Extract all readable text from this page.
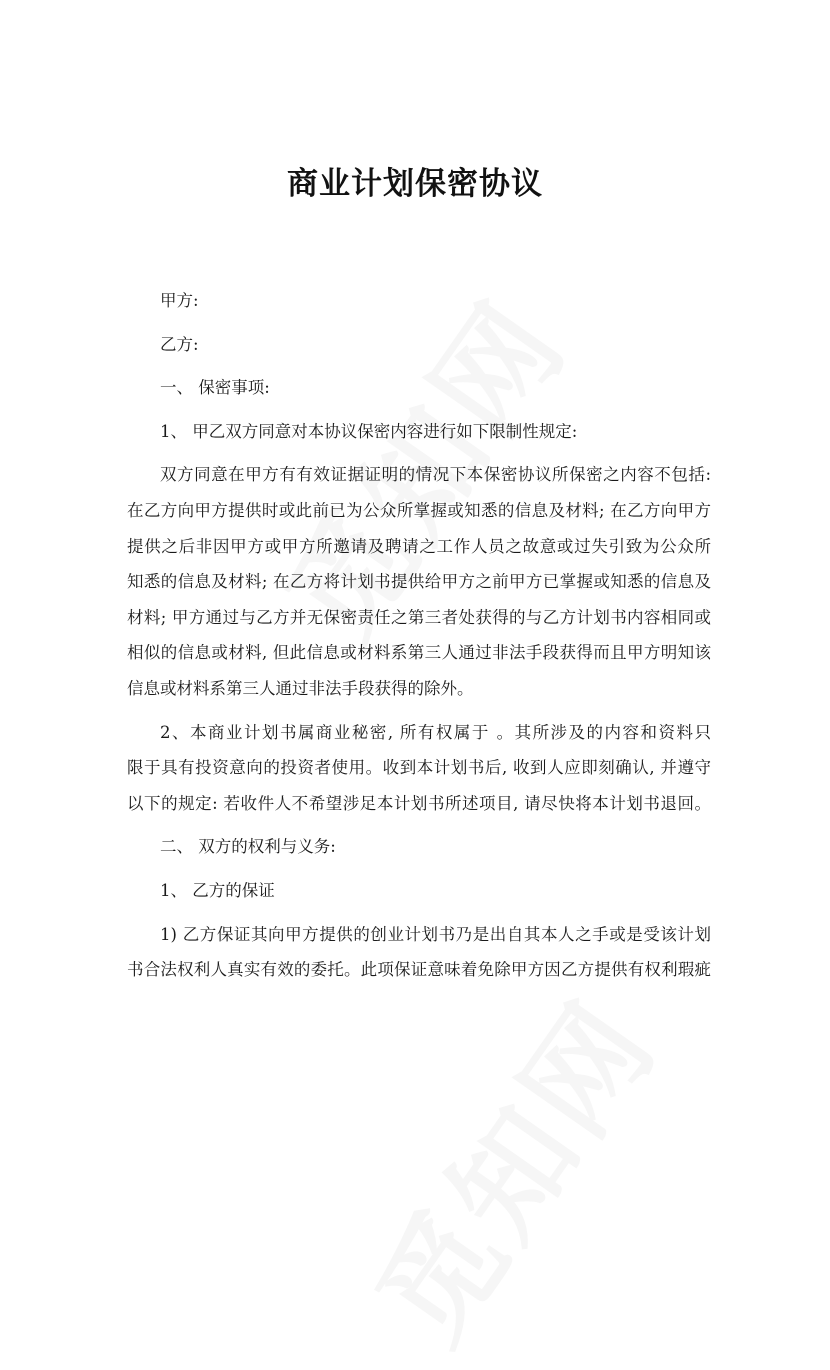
商业计划保密协议

甲方:

乙方:

一、 保密事项:

1、 甲乙双方同意对本协议保密内容进行如下限制性规定:

双方同意在甲方有有效证据证明的情况下本保密协议所保密之内容不包括:

在乙方向甲方提供时或此前已为公众所掌握或知悉的信息及材料; 在乙方向甲方

提供之后非因甲方或甲方所邀请及聘请之工作人员之故意或过失引致为公众所

知悉的信息及材料; 在乙方将计划书提供给甲方之前甲方已掌握或知悉的信息及

材料; 甲方通过与乙方并无保密责任之第三者处获得的与乙方计划书内容相同或

相似的信息或材料, 但此信息或材料系第三人通过非法手段获得而且甲方明知该

信息或材料系第三人通过非法手段获得的除外。

2、本商业计划书属商业秘密, 所有权属于 。其所涉及的内容和资料只

限于具有投资意向的投资者使用。收到本计划书后, 收到人应即刻确认, 并遵守

以下的规定: 若收件人不希望涉足本计划书所述项目, 请尽快将本计划书退回。

二、 双方的权利与义务:

1、 乙方的保证

1) 乙方保证其向甲方提供的创业计划书乃是出自其本人之手或是受该计划

书合法权利人真实有效的委托。此项保证意味着免除甲方因乙方提供有权利瑕疵
